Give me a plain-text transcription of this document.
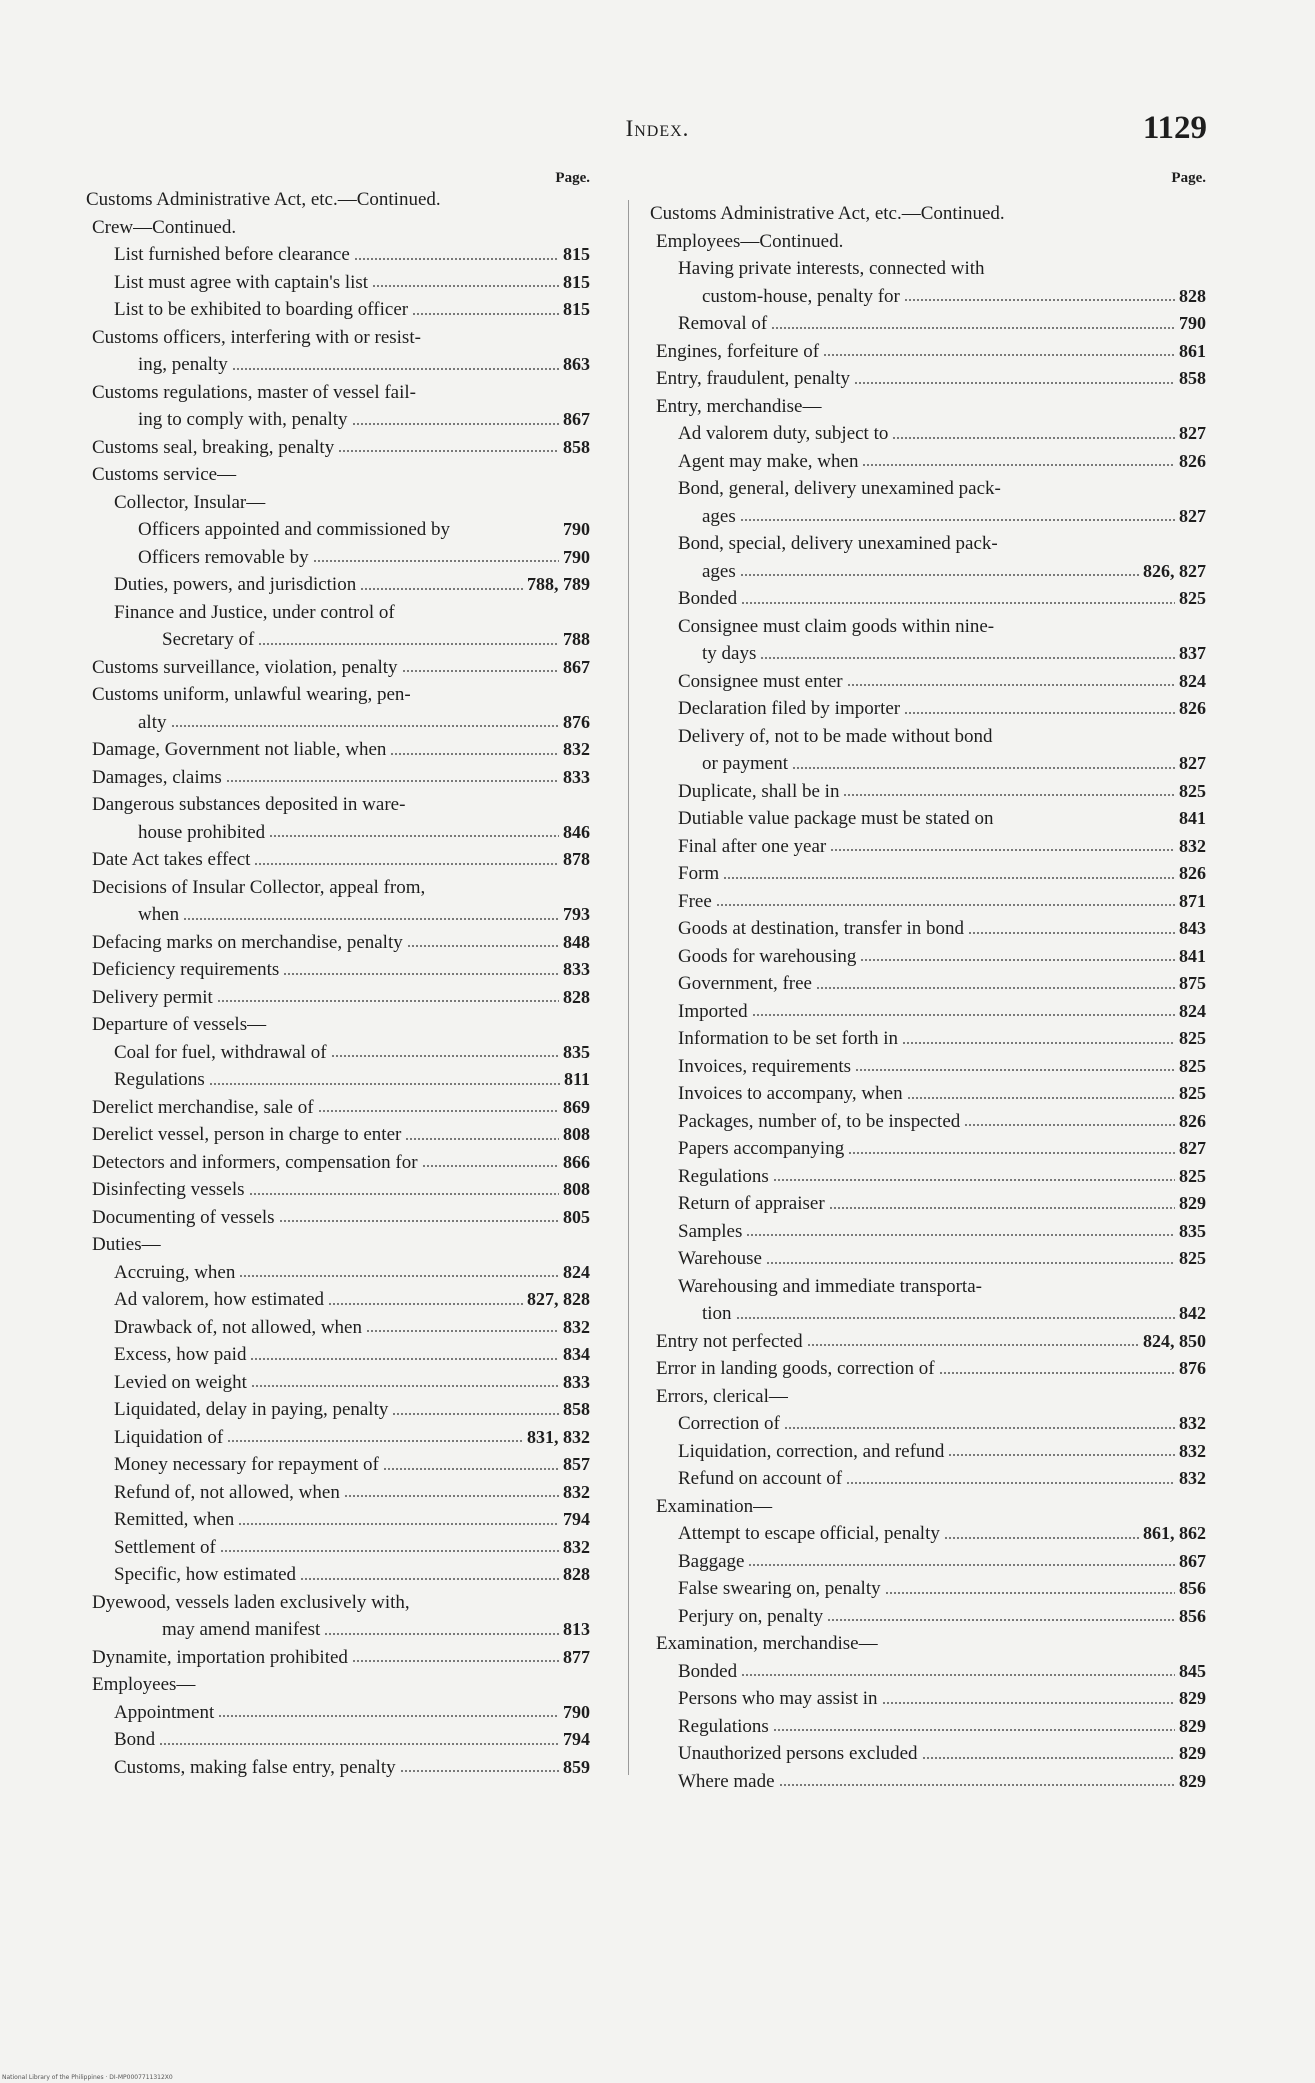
Index.	1129
Page.
Customs Administrative Act, etc.—Continued.
Crew—Continued.
List furnished before clearance	815
List must agree with captain's list	815
List to be exhibited to boarding officer	815
Customs officers, interfering with or resist-
ing, penalty	863
Customs regulations, master of vessel fail-
ing to comply with, penalty	867
Customs seal, breaking, penalty	858
Customs service—
Collector, Insular—
Officers appointed and commissioned by	790
Officers removable by	790
Duties, powers, and jurisdiction	788, 789
Finance and Justice, under control of
Secretary of	788
Customs surveillance, violation, penalty	867
Customs uniform, unlawful wearing, pen-
alty	876
Damage, Government not liable, when	832
Damages, claims	833
Dangerous substances deposited in ware-
house prohibited	846
Date Act takes effect	878
Decisions of Insular Collector, appeal from,
when	793
Defacing marks on merchandise, penalty	848
Deficiency requirements	833
Delivery permit	828
Departure of vessels—
Coal for fuel, withdrawal of	835
Regulations	811
Derelict merchandise, sale of	869
Derelict vessel, person in charge to enter	808
Detectors and informers, compensation for	866
Disinfecting vessels	808
Documenting of vessels	805
Duties—
Accruing, when	824
Ad valorem, how estimated	827, 828
Drawback of, not allowed, when	832
Excess, how paid	834
Levied on weight	833
Liquidated, delay in paying, penalty	858
Liquidation of	831, 832
Money necessary for repayment of	857
Refund of, not allowed, when	832
Remitted, when	794
Settlement of	832
Specific, how estimated	828
Dyewood, vessels laden exclusively with,
may amend manifest	813
Dynamite, importation prohibited	877
Employees—
Appointment	790
Bond	794
Customs, making false entry, penalty	859
Page.
Customs Administrative Act, etc.—Continued.
Employees—Continued.
Having private interests, connected with
custom-house, penalty for	828
Removal of	790
Engines, forfeiture of	861
Entry, fraudulent, penalty	858
Entry, merchandise—
Ad valorem duty, subject to	827
Agent may make, when	826
Bond, general, delivery unexamined pack-
ages	827
Bond, special, delivery unexamined pack-
ages	826, 827
Bonded	825
Consignee must claim goods within nine-
ty days	837
Consignee must enter	824
Declaration filed by importer	826
Delivery of, not to be made without bond
or payment	827
Duplicate, shall be in	825
Dutiable value package must be stated on	841
Final after one year	832
Form	826
Free	871
Goods at destination, transfer in bond	843
Goods for warehousing	841
Government, free	875
Imported	824
Information to be set forth in	825
Invoices, requirements	825
Invoices to accompany, when	825
Packages, number of, to be inspected	826
Papers accompanying	827
Regulations	825
Return of appraiser	829
Samples	835
Warehouse	825
Warehousing and immediate transporta-
tion	842
Entry not perfected	824, 850
Error in landing goods, correction of	876
Errors, clerical—
Correction of	832
Liquidation, correction, and refund	832
Refund on account of	832
Examination—
Attempt to escape official, penalty	861, 862
Baggage	867
False swearing on, penalty	856
Perjury on, penalty	856
Examination, merchandise—
Bonded	845
Persons who may assist in	829
Regulations	829
Unauthorized persons excluded	829
Where made	829
National Library of the Philippines · DI-MP0007711312X0
